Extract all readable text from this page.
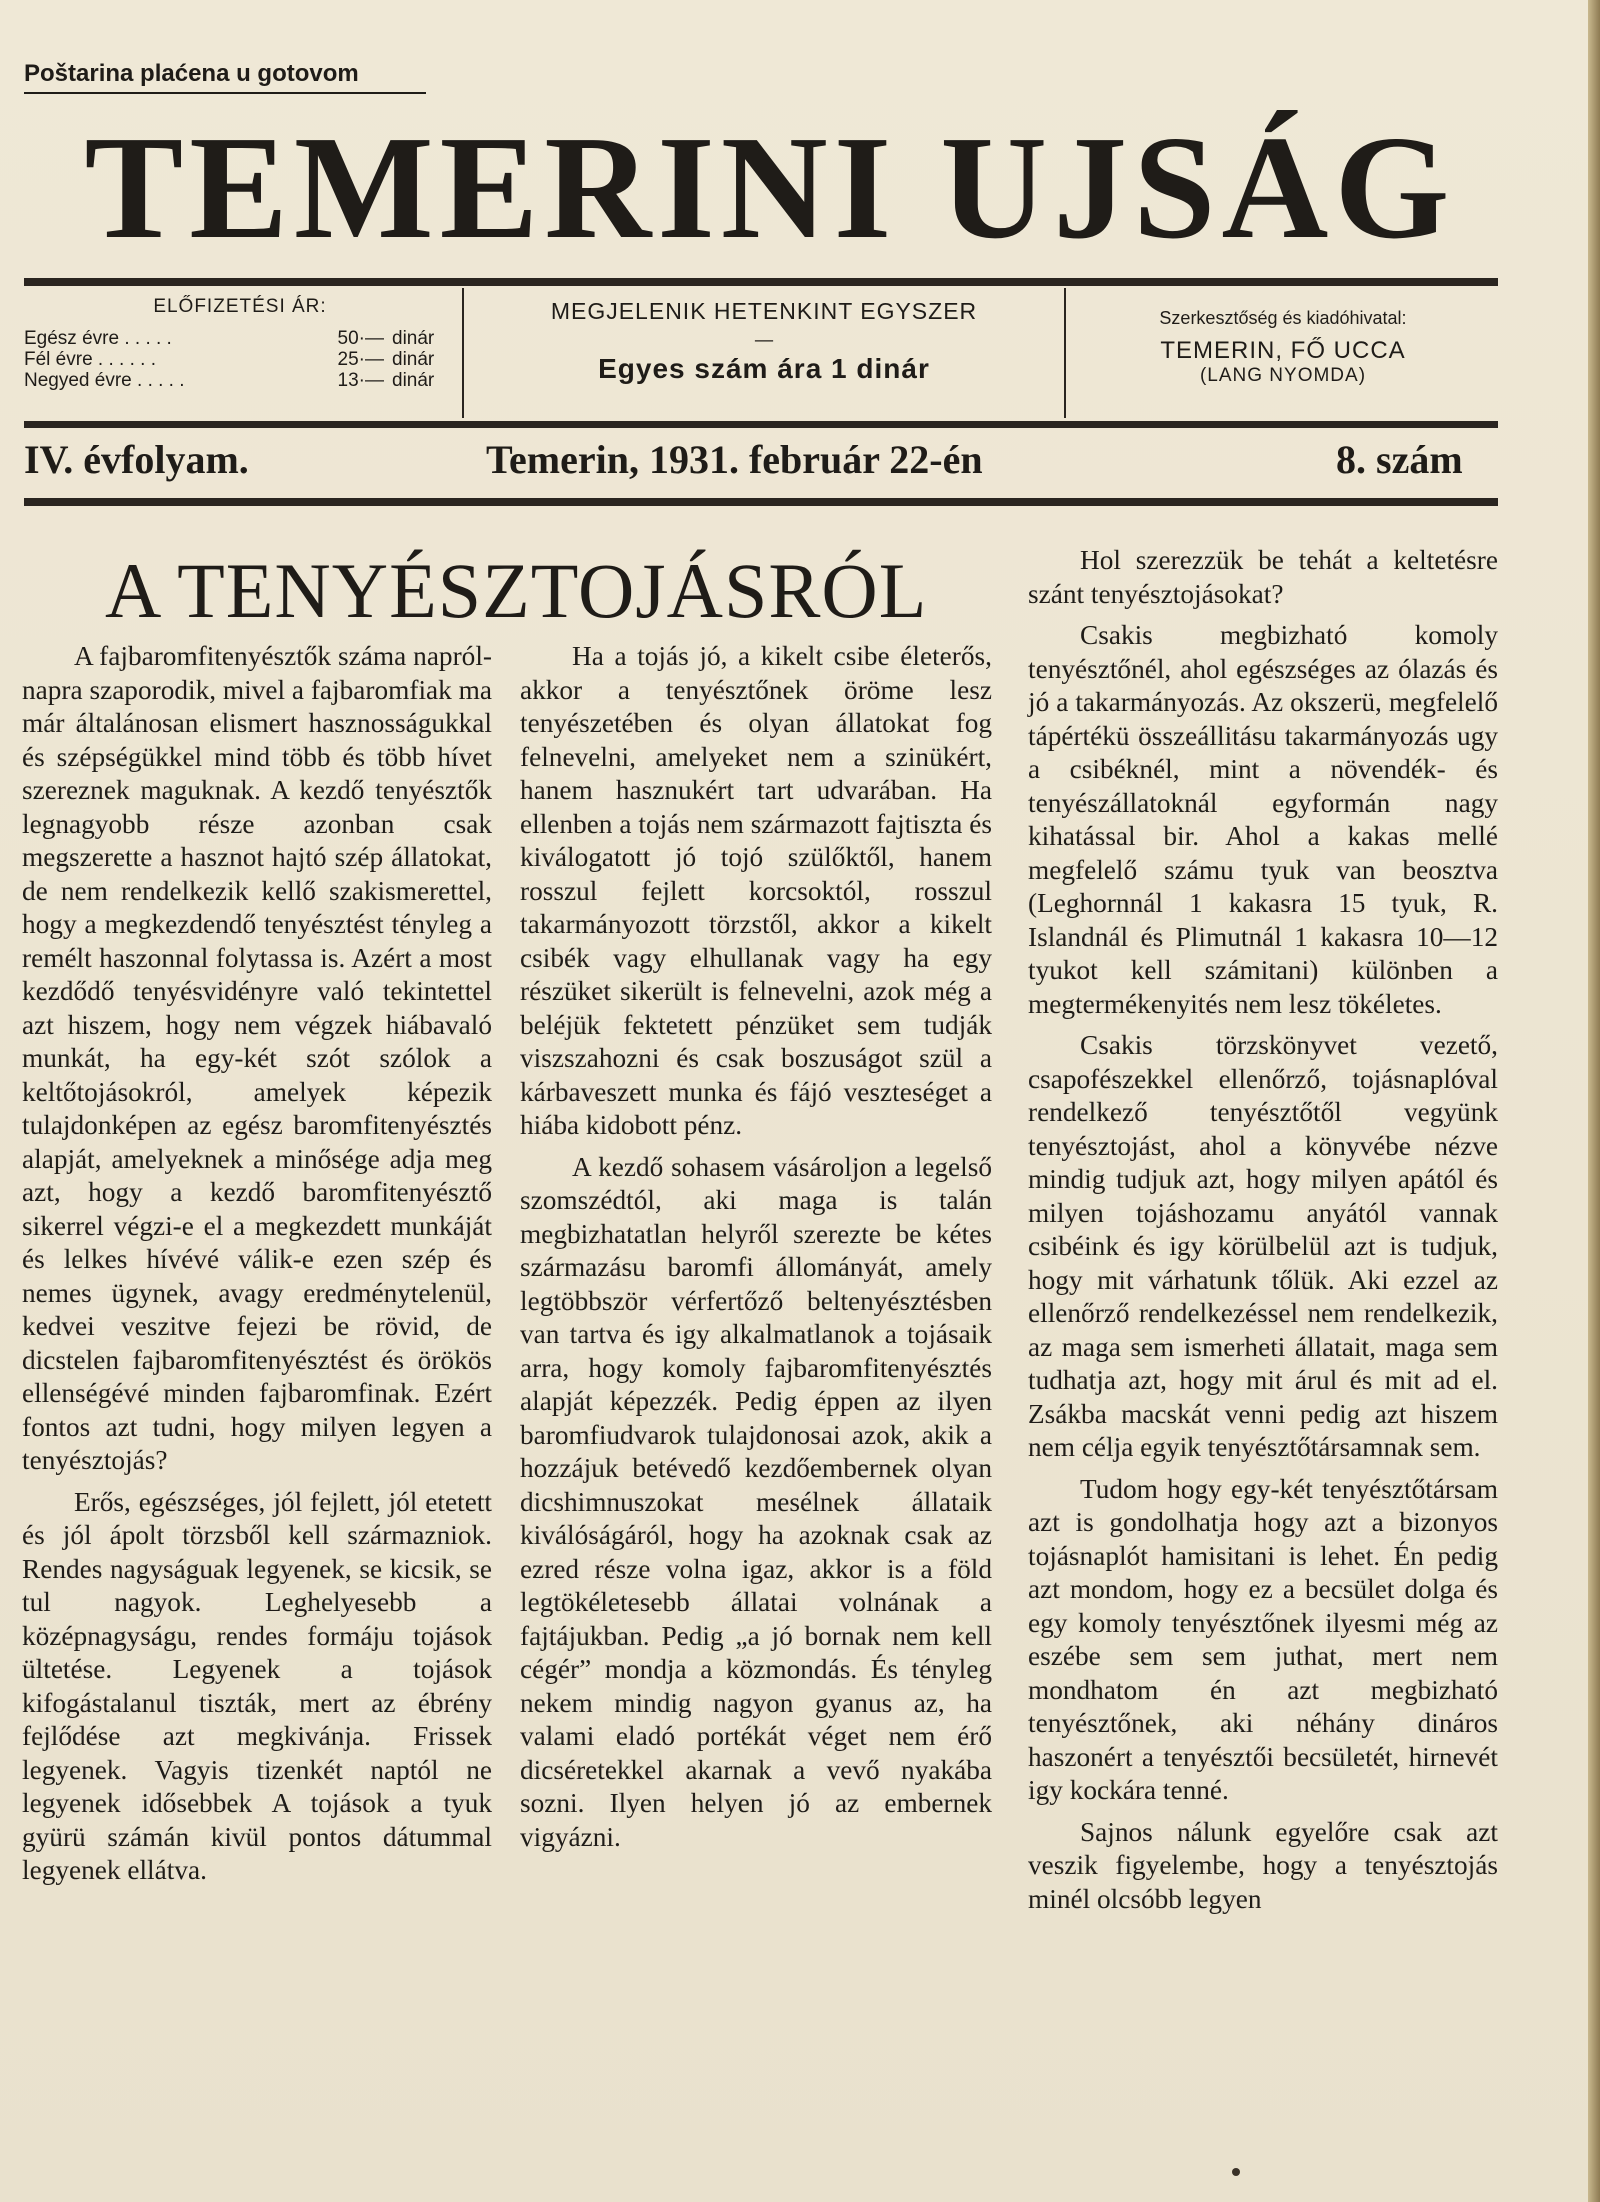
Poštarina plaćena u gotovom
TEMERINI UJSÁG
ELŐFIZETÉSI ÁR:
Egész évre . . . . .	50·— dinár
Fél évre . . . . . .	25·— dinár
Negyed évre . . . . .	13·— dinár
MEGJELENIK HETENKINT EGYSZER
—
Egyes szám ára 1 dinár
Szerkesztőség és kiadóhivatal:
TEMERIN, FŐ UCCA
(LANG NYOMDA)
IV. évfolyam.	Temerin, 1931. február 22-én	8. szám
A TENYÉSZTOJÁSRÓL

A fajbaromfitenyésztők száma napról-napra szaporodik, mivel a fajbaromfiak ma már általánosan elismert hasznosságukkal és szépségükkel mind több és több hívet szereznek maguknak. A kezdő tenyésztők legnagyobb része azonban csak megszerette a hasznot hajtó szép állatokat, de nem rendelkezik kellő szakismerettel, hogy a megkezdendő tenyésztést tényleg a remélt haszonnal folytassa is. Azért a most kezdődő tenyésvidényre való tekintettel azt hiszem, hogy nem végzek hiábavaló munkát, ha egy-két szót szólok a keltőtojásokról, amelyek képezik tulajdonképen az egész baromfitenyésztés alapját, amelyeknek a minősége adja meg azt, hogy a kezdő baromfitenyésztő sikerrel végzi-e el a megkezdett munkáját és lelkes hívévé válik-e ezen szép és nemes ügynek, avagy eredménytelenül, kedvei veszitve fejezi be rövid, de dicstelen fajbaromfitenyésztést és örökös ellenségévé minden fajbaromfinak. Ezért fontos azt tudni, hogy milyen legyen a tenyésztojás?

Erős, egészséges, jól fejlett, jól etetett és jól ápolt törzsből kell származniok. Rendes nagyságuak legyenek, se kicsik, se tul nagyok. Leghelyesebb a középnagyságu, rendes formáju tojások ültetése. Legyenek a tojások kifogástalanul tiszták, mert az ébrény fejlődése azt megkivánja. Frissek legyenek. Vagyis tizenkét naptól ne legyenek idősebbek A tojások a tyuk gyürü számán kivül pontos dátummal legyenek ellátva.

Ha a tojás jó, a kikelt csibe életerős, akkor a tenyésztőnek öröme lesz tenyészetében és olyan állatokat fog felnevelni, amelyeket nem a szinükért, hanem hasznukért tart udvarában. Ha ellenben a tojás nem származott fajtiszta és kiválogatott jó tojó szülőktől, hanem rosszul fejlett korcsoktól, rosszul takarmányozott törzstől, akkor a kikelt csibék vagy elhullanak vagy ha egy részüket sikerült is felnevelni, azok még a beléjük fektetett pénzüket sem tudják viszszahozni és csak boszuságot szül a kárbaveszett munka és fájó veszteséget a hiába kidobott pénz.

A kezdő sohasem vásároljon a legelső szomszédtól, aki maga is talán megbizhatatlan helyről szerezte be kétes származásu baromfi állományát, amely legtöbbször vérfertőző beltenyésztésben van tartva és igy alkalmatlanok a tojásaik arra, hogy komoly fajbaromfitenyésztés alapját képezzék. Pedig éppen az ilyen baromfiudvarok tulajdonosai azok, akik a hozzájuk betévedő kezdőembernek olyan dicshimnuszokat mesélnek állataik kiválóságáról, hogy ha azoknak csak az ezred része volna igaz, akkor is a föld legtökéletesebb állatai volnának a fajtájukban. Pedig „a jó bornak nem kell cégér” mondja a közmondás. És tényleg nekem mindig nagyon gyanus az, ha valami eladó portékát véget nem érő dicséretekkel akarnak a vevő nyakába sozni. Ilyen helyen jó az embernek vigyázni.

Hol szerezzük be tehát a keltetésre szánt tenyésztojásokat?

Csakis megbizható komoly tenyésztőnél, ahol egészséges az ólazás és jó a takarmányozás. Az okszerü, megfelelő tápértékü összeállitásu takarmányozás ugy a csibéknél, mint a növendék- és tenyészállatoknál egyformán nagy kihatással bir. Ahol a kakas mellé megfelelő számu tyuk van beosztva (Leghornnál 1 kakasra 15 tyuk, R. Islandnál és Plimutnál 1 kakasra 10—12 tyukot kell számitani) különben a megtermékenyités nem lesz tökéletes.

Csakis törzskönyvet vezető, csapofészekkel ellenőrző, tojásnaplóval rendelkező tenyésztőtől vegyünk tenyésztojást, ahol a könyvébe nézve mindig tudjuk azt, hogy milyen apától és milyen tojáshozamu anyától vannak csibéink és igy körülbelül azt is tudjuk, hogy mit várhatunk tőlük. Aki ezzel az ellenőrző rendelkezéssel nem rendelkezik, az maga sem ismerheti állatait, maga sem tudhatja azt, hogy mit árul és mit ad el. Zsákba macskát venni pedig azt hiszem nem célja egyik tenyésztőtársamnak sem.

Tudom hogy egy-két tenyésztőtársam azt is gondolhatja hogy azt a bizonyos tojásnaplót hamisitani is lehet. Én pedig azt mondom, hogy ez a becsület dolga és egy komoly tenyésztőnek ilyesmi még az eszébe sem sem juthat, mert nem mondhatom én azt megbizható tenyésztőnek, aki néhány dináros haszonért a tenyésztői becsületét, hirnevét igy kockára tenné.

Sajnos nálunk egyelőre csak azt veszik figyelembe, hogy a tenyésztojás minél olcsóbb legyen
